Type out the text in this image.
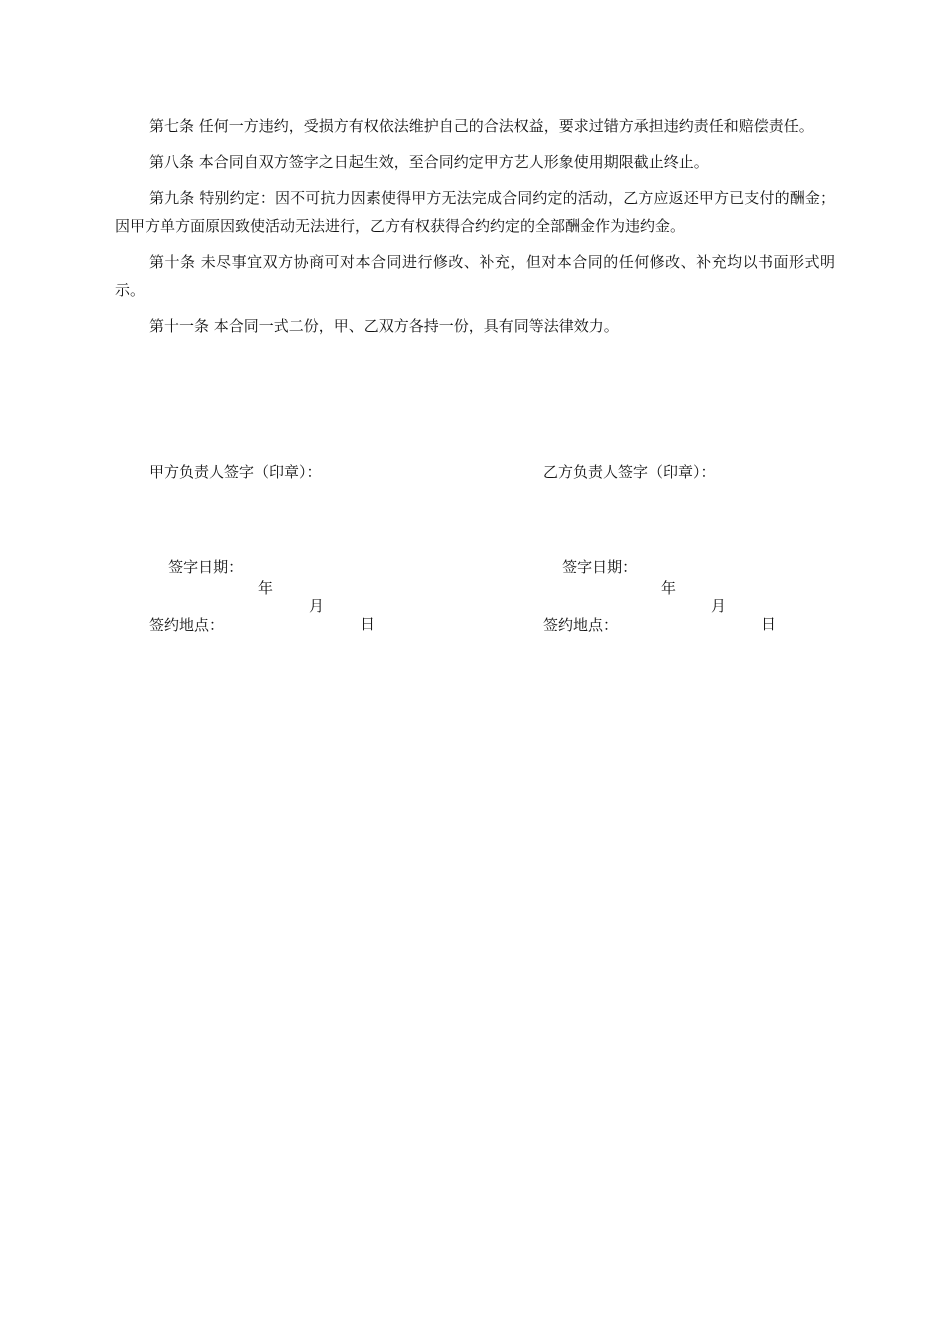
第七条 任何一方违约，受损方有权依法维护自己的合法权益，要求过错方承担违约责任和赔偿责任。

第八条 本合同自双方签字之日起生效，至合同约定甲方艺人形象使用期限截止终止。

第九条 特别约定：因不可抗力因素使得甲方无法完成合同约定的活动，乙方应返还甲方已支付的酬金；因甲方单方面原因致使活动无法进行，乙方有权获得合约约定的全部酬金作为违约金。

第十条 未尽事宜双方协商可对本合同进行修改、补充，但对本合同的任何修改、补充均以书面形式明示。

第十一条 本合同一式二份，甲、乙双方各持一份，具有同等法律效力。

甲方负责人签字（印章）：

签字日期：

年

月

日

签约地点：
乙方负责人签字（印章）：

签字日期：

年

月

日

签约地点：
